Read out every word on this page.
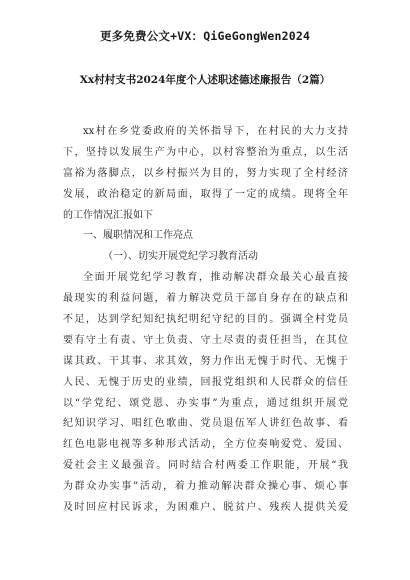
更多免费公文+VX：QiGeGongWen2024
Xx村村支书2024年度个人述职述德述廉报告（2篇）
xx村在乡党委政府的关怀指导下，在村民的大力支持
下，坚持以发展生产为中心，以村容整治为重点，以生活
富裕为落脚点，以乡村振兴为目的，努力实现了全村经济
发展，政治稳定的新局面，取得了一定的成绩。现将全年
的工作情况汇报如下
一、履职情况和工作亮点
（一）、切实开展党纪学习教育活动
全面开展党纪学习教育，推动解决群众最关心最直接
最现实的利益问题，着力解决党员干部自身存在的缺点和
不足，达到学纪知纪执纪明纪守纪的目的。强调全村党员
要有守土有责、守土负责、守土尽责的责任担当，在其位
谋其政、干其事、求其效，努力作出无愧于时代、无愧于
人民、无愧于历史的业绩，回报党组织和人民群众的信任
以“学党纪、颂党恩、办实事”为重点，通过组织开展党
纪知识学习、唱红色歌曲、党员退伍军人讲红色故事、看
红色电影电视等多种形式活动，全方位奏响爱党、爱国、
爱社会主义最强音。同时结合村两委工作职能，开展“我
为群众办实事”活动，着力推动解决群众操心事、烦心事
及时回应村民诉求，为困难户、脱贫户、残疾人提供关爱
